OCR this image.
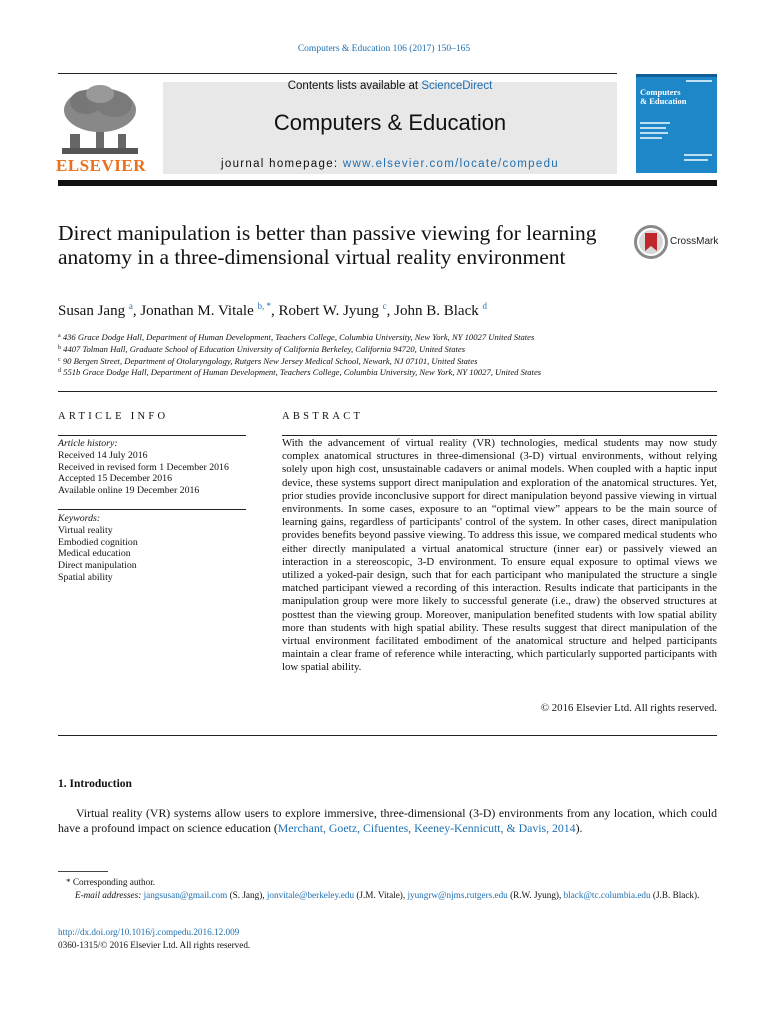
Computers & Education 106 (2017) 150–165
ELSEVIER
Contents lists available at ScienceDirect
Computers & Education
journal homepage: www.elsevier.com/locate/compedu
Computers
& Education
Direct manipulation is better than passive viewing for learning anatomy in a three-dimensional virtual reality environment
CrossMark
Susan Jang $^a$, Jonathan M. Vitale $^{b, *}$, Robert W. Jyung $^c$, John B. Black $^d$
$^a$ 436 Grace Dodge Hall, Department of Human Development, Teachers College, Columbia University, New York, NY 10027 United States
$^b$ 4407 Tolman Hall, Graduate School of Education University of California Berkeley, California 94720, United States
$^c$ 90 Bergen Street, Department of Otolaryngology, Rutgers New Jersey Medical School, Newark, NJ 07101, United States
$^d$ 551b Grace Dodge Hall, Department of Human Development, Teachers College, Columbia University, New York, NY 10027, United States
ARTICLE INFO
Article history:
Received 14 July 2016
Received in revised form 1 December 2016
Accepted 15 December 2016
Available online 19 December 2016
Keywords:
Virtual reality
Embodied cognition
Medical education
Direct manipulation
Spatial ability
ABSTRACT
With the advancement of virtual reality (VR) technologies, medical students may now study complex anatomical structures in three-dimensional (3-D) virtual environments, without relying solely upon high cost, unsustainable cadavers or animal models. When coupled with a haptic input device, these systems support direct manipulation and exploration of the anatomical structures. Yet, prior studies provide inconclusive support for direct manipulation beyond passive viewing in virtual environments. In some cases, exposure to an “optimal view” appears to be the main source of learning gains, regardless of participants' control of the system. In other cases, direct manipulation provides benefits beyond passive viewing. To address this issue, we compared medical students who either directly manipulated a virtual anatomical structure (inner ear) or passively viewed an interaction in a stereoscopic, 3-D environment. To ensure equal exposure to optimal views we utilized a yoked-pair design, such that for each participant who manipulated the structure a single matched participant viewed a recording of this interaction. Results indicate that participants in the manipulation group were more likely to successful generate (i.e., draw) the observed structures at posttest than the viewing group. Moreover, manipulation benefited students with low spatial ability more than students with high spatial ability. These results suggest that direct manipulation of the virtual environment facilitated embodiment of the anatomical structure and helped participants maintain a clear frame of reference while interacting, which particularly supported participants with low spatial ability.
© 2016 Elsevier Ltd. All rights reserved.
1. Introduction
Virtual reality (VR) systems allow users to explore immersive, three-dimensional (3-D) environments from any location, which could have a profound impact on science education (Merchant, Goetz, Cifuentes, Keeney-Kennicutt, & Davis, 2014).
* Corresponding author.
E-mail addresses: jangsusan@gmail.com (S. Jang), jonvitale@berkeley.edu (J.M. Vitale), jyungrw@njms.rutgers.edu (R.W. Jyung), black@tc.columbia.edu (J.B. Black).
http://dx.doi.org/10.1016/j.compedu.2016.12.009
0360-1315/© 2016 Elsevier Ltd. All rights reserved.
